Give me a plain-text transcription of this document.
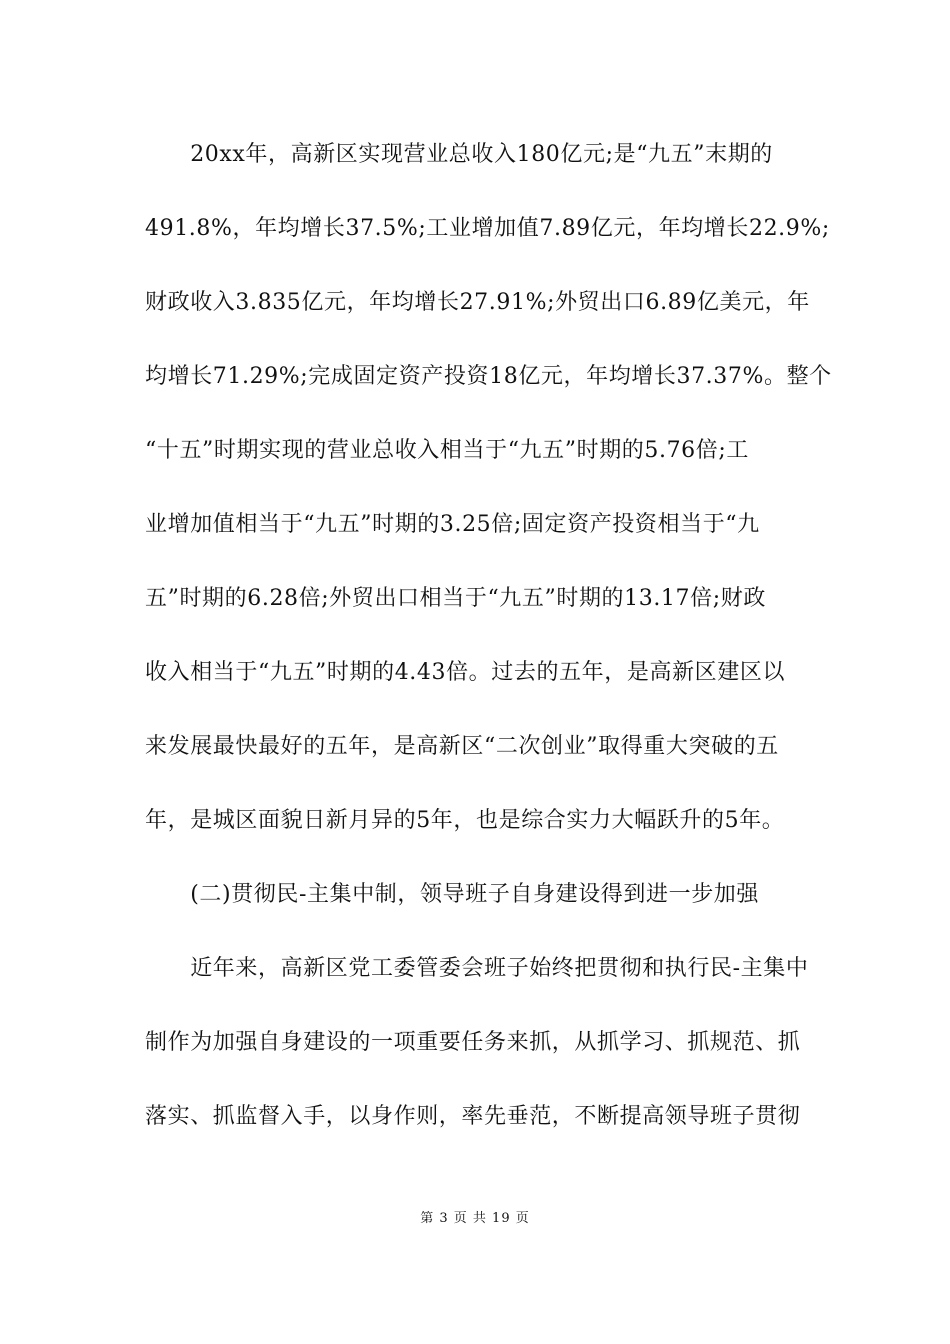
　　20xx年，高新区实现营业总收入180亿元;是“九五”末期的
491.8%，年均增长37.5%;工业增加值7.89亿元，年均增长22.9%;
财政收入3.835亿元，年均增长27.91%;外贸出口6.89亿美元，年
均增长71.29%;完成固定资产投资18亿元，年均增长37.37%。整个
“十五”时期实现的营业总收入相当于“九五”时期的5.76倍;工
业增加值相当于“九五”时期的3.25倍;固定资产投资相当于“九
五”时期的6.28倍;外贸出口相当于“九五”时期的13.17倍;财政
收入相当于“九五”时期的4.43倍。过去的五年，是高新区建区以
来发展最快最好的五年，是高新区“二次创业”取得重大突破的五
年，是城区面貌日新月异的5年，也是综合实力大幅跃升的5年。
　　(二)贯彻民-主集中制，领导班子自身建设得到进一步加强
　　近年来，高新区党工委管委会班子始终把贯彻和执行民-主集中
制作为加强自身建设的一项重要任务来抓，从抓学习、抓规范、抓
落实、抓监督入手，以身作则，率先垂范，不断提高领导班子贯彻
第 3 页 共 19 页
